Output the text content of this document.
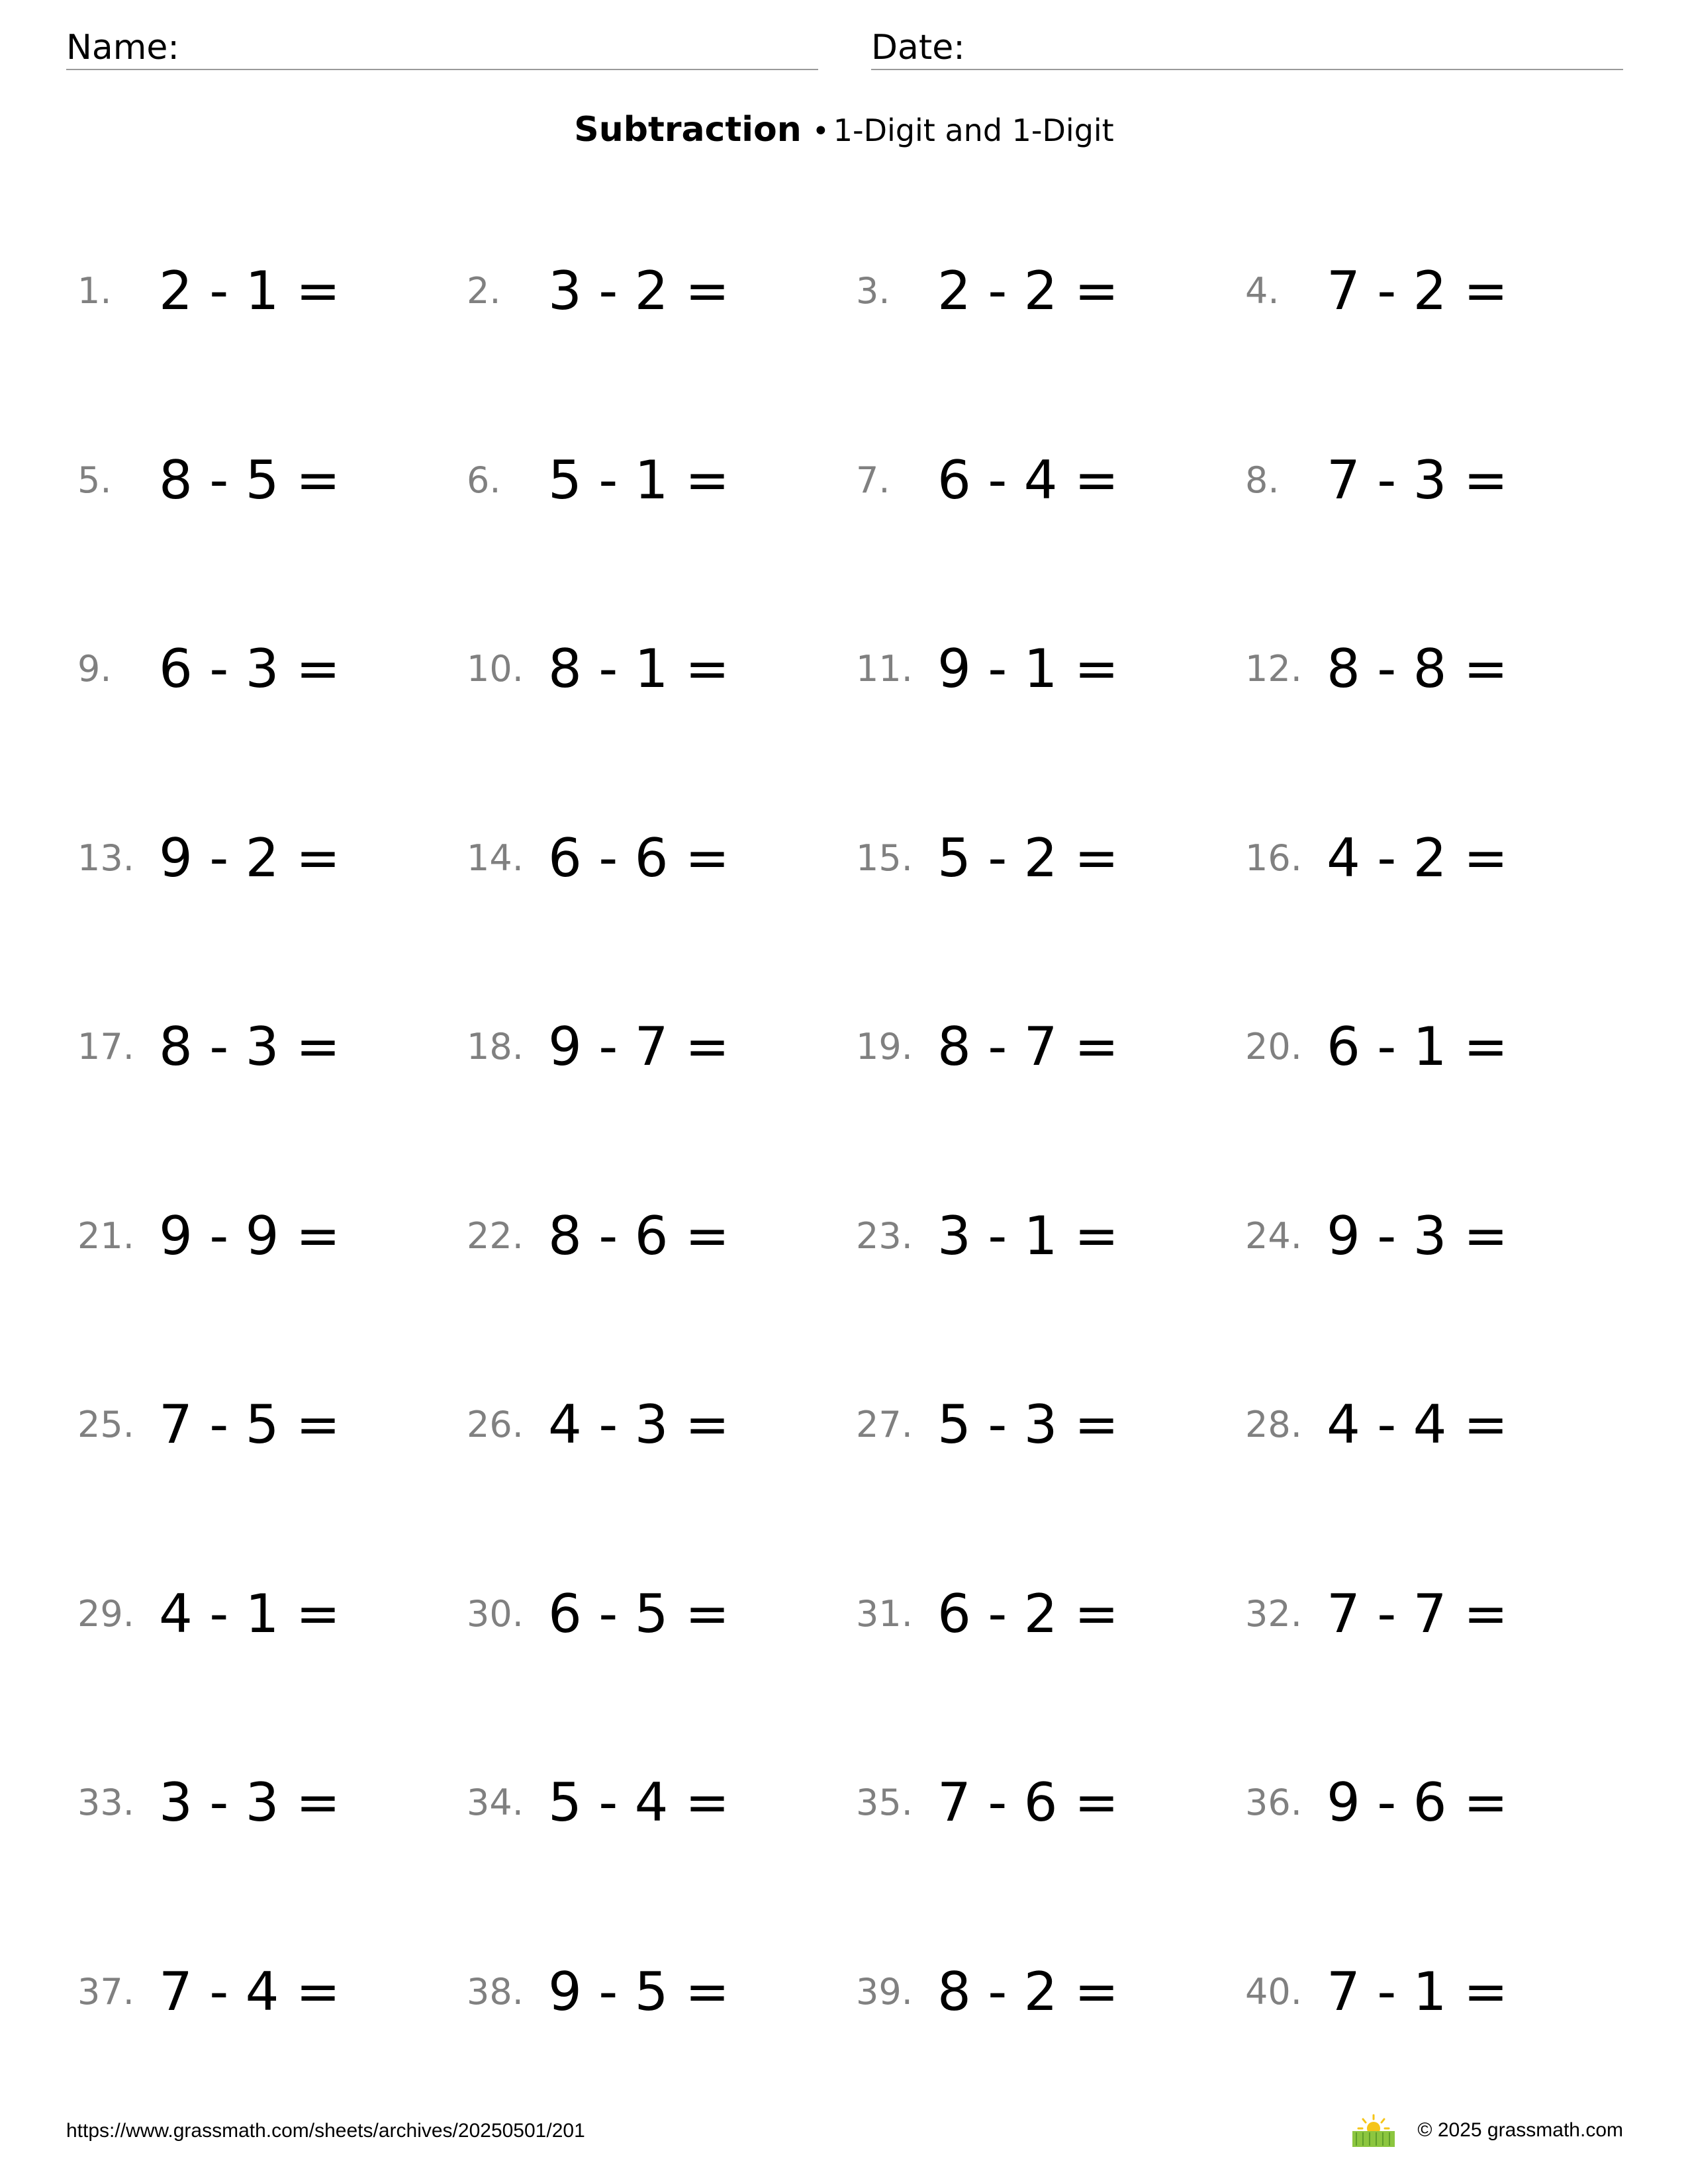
Name:	Date:
Subtraction • 1-Digit and 1-Digit
1. 2 - 1 =	2. 3 - 2 =	3. 2 - 2 =	4. 7 - 2 =
5. 8 - 5 =	6. 5 - 1 =	7. 6 - 4 =	8. 7 - 3 =
9. 6 - 3 =	10. 8 - 1 =	11. 9 - 1 =	12. 8 - 8 =
13. 9 - 2 =	14. 6 - 6 =	15. 5 - 2 =	16. 4 - 2 =
17. 8 - 3 =	18. 9 - 7 =	19. 8 - 7 =	20. 6 - 1 =
21. 9 - 9 =	22. 8 - 6 =	23. 3 - 1 =	24. 9 - 3 =
25. 7 - 5 =	26. 4 - 3 =	27. 5 - 3 =	28. 4 - 4 =
29. 4 - 1 =	30. 6 - 5 =	31. 6 - 2 =	32. 7 - 7 =
33. 3 - 3 =	34. 5 - 4 =	35. 7 - 6 =	36. 9 - 6 =
37. 7 - 4 =	38. 9 - 5 =	39. 8 - 2 =	40. 7 - 1 =
https://www.grassmath.com/sheets/archives/20250501/201	© 2025 grassmath.com
